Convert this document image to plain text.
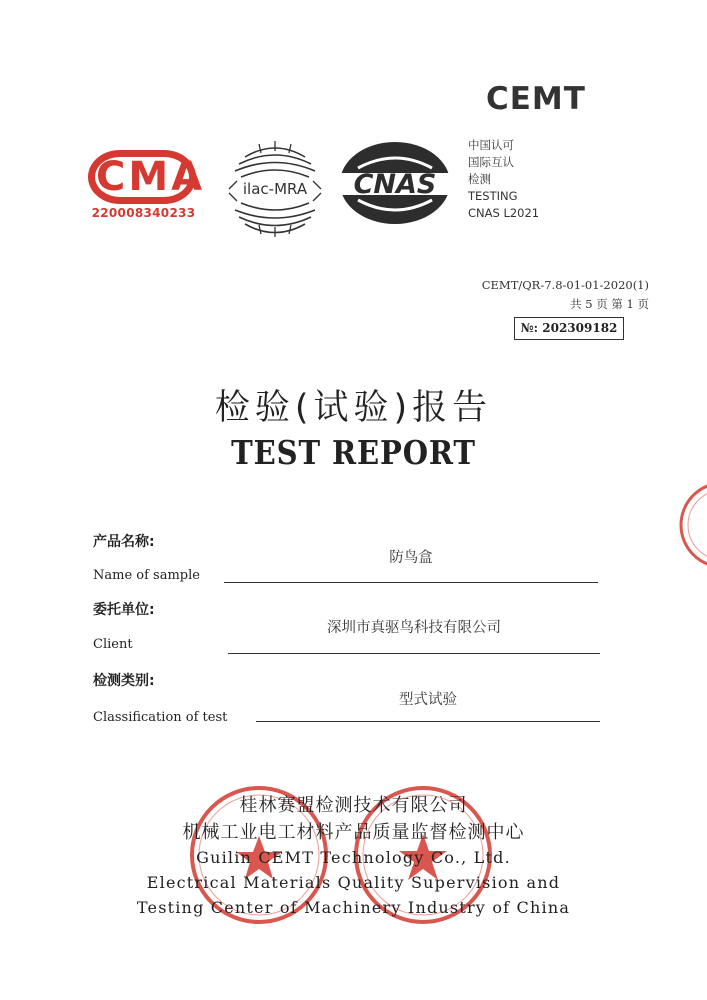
CEMT
CMA
220008340233
ilac-MRA CNAS
中国认可
国际互认
检测
TESTING
CNAS L2021
CEMT/QR-7.8-01-01-2020(1)
共 5 页 第 1 页
№: 202309182
检验(试验)报告
TEST REPORT
产品名称:
防鸟盒
Name of sample
委托单位:
深圳市真驱鸟科技有限公司
Client
检测类别:
型式试验
Classification of test
桂林赛盟检测技术有限公司
机械工业电工材料产品质量监督检测中心
Guilin CEMT Technology Co., Ltd.
Electrical Materials Quality Supervision and
Testing Center of Machinery Industry of China
